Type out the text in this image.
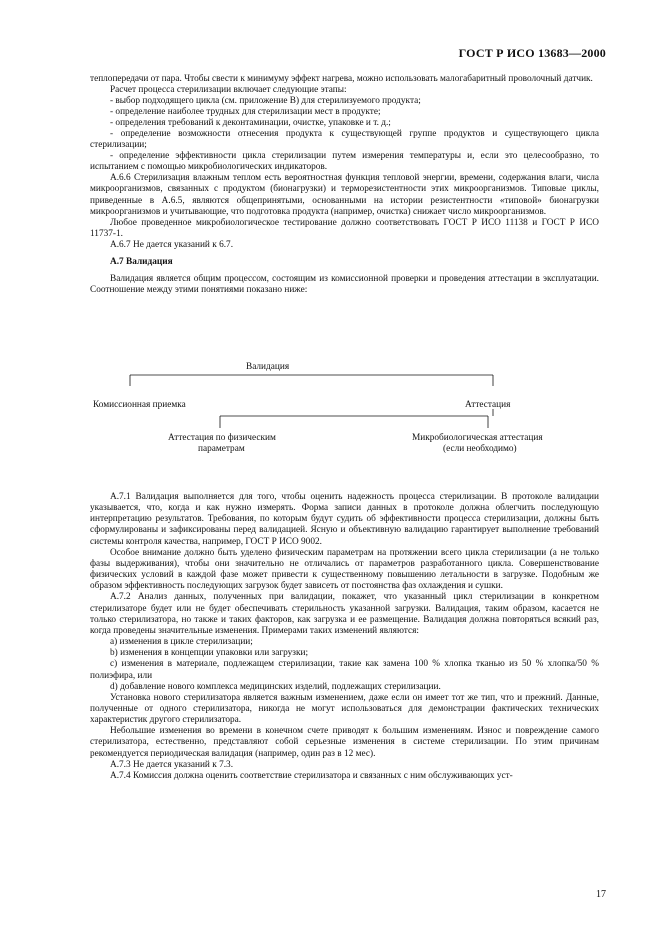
ГОСТ Р ИСО 13683—2000

теплопередачи от пара. Чтобы свести к минимуму эффект нагрева, можно использовать малогабаритный проволочный датчик.

Расчет процесса стерилизации включает следующие этапы:

- выбор подходящего цикла (см. приложение В) для стерилизуемого продукта;

- определение наиболее трудных для стерилизации мест в продукте;

- определения требований к деконтаминации, очистке, упаковке и т. д.;

- определение возможности отнесения продукта к существующей группе продуктов и существующего цикла стерилизации;

- определение эффективности цикла стерилизации путем измерения температуры и, если это целесообразно, то испытанием с помощью микробиологических индикаторов.

А.6.6 Стерилизация влажным теплом есть вероятностная функция тепловой энергии, времени, содержания влаги, числа микроорганизмов, связанных с продуктом (бионагрузки) и терморезистентности этих микроорганизмов. Типовые циклы, приведенные в А.6.5, являются общепринятыми, основанными на истории резистентности «типовой» бионагрузки микроорганизмов и учитывающие, что подготовка продукта (например, очистка) снижает число микроорганизмов.

Любое проведенное микробиологическое тестирование должно соответствовать ГОСТ Р ИСО 11138 и ГОСТ Р ИСО 11737-1.

А.6.7 Не дается указаний к 6.7.

А.7 Валидация

Валидация является общим процессом, состоящим из комиссионной проверки и проведения аттестации в эксплуатации. Соотношение между этими понятиями показано ниже:

Валидация
Комиссионная приемка	Аттестация
Аттестация по физическим
параметрам
Микробиологическая аттестация
(если необходимо)

А.7.1 Валидация выполняется для того, чтобы оценить надежность процесса стерилизации. В протоколе валидации указывается, что, когда и как нужно измерять. Форма записи данных в протоколе должна облегчить последующую интерпретацию результатов. Требования, по которым будут судить об эффективности процесса стерилизации, должны быть сформулированы и зафиксированы перед валидацией. Ясную и объективную валидацию гарантирует выполнение требований системы контроля качества, например, ГОСТ Р ИСО 9002.

Особое внимание должно быть уделено физическим параметрам на протяжении всего цикла стерилизации (а не только фазы выдерживания), чтобы они значительно не отличались от параметров разработанного цикла. Совершенствование физических условий в каждой фазе может привести к существенному повышению летальности в загрузке. Подобным же образом эффективность последующих загрузок будет зависеть от постоянства фаз охлаждения и сушки.

А.7.2 Анализ данных, полученных при валидации, покажет, что указанный цикл стерилизации в конкретном стерилизаторе будет или не будет обеспечивать стерильность указанной загрузки. Валидация, таким образом, касается не только стерилизатора, но также и таких факторов, как загрузка и ее размещение. Валидация должна повторяться всякий раз, когда проведены значительные изменения. Примерами таких изменений являются:

a) изменения в цикле стерилизации;

b) изменения в концепции упаковки или загрузки;

c) изменения в материале, подлежащем стерилизации, такие как замена 100 % хлопка тканью из 50 % хлопка/50 % полиэфира, или

d) добавление нового комплекса медицинских изделий, подлежащих стерилизации.

Установка нового стерилизатора является важным изменением, даже если он имеет тот же тип, что и прежний. Данные, полученные от одного стерилизатора, никогда не могут использоваться для демонстрации фактических технических характеристик другого стерилизатора.

Небольшие изменения во времени в конечном счете приводят к большим изменениям. Износ и повреждение самого стерилизатора, естественно, представляют собой серьезные изменения в системе стерилизации. По этим причинам рекомендуется периодическая валидация (например, один раз в 12 мес).

А.7.3 Не дается указаний к 7.3.

А.7.4 Комиссия должна оценить соответствие стерилизатора и связанных с ним обслуживающих уст-

17
